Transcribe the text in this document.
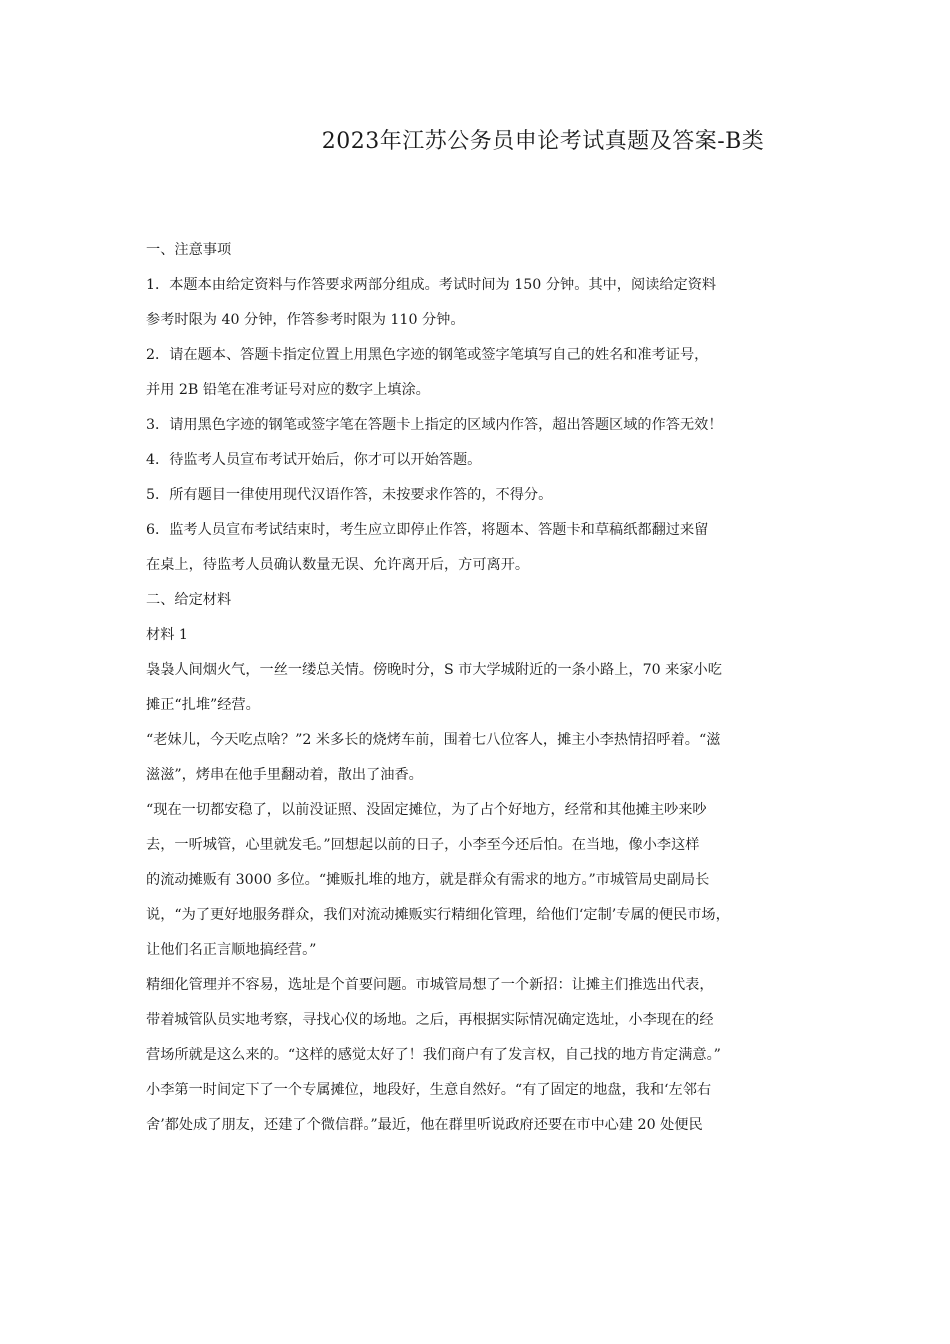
2023年江苏公务员申论考试真题及答案-B类
一、注意事项
1．本题本由给定资料与作答要求两部分组成。考试时间为 150 分钟。其中，阅读给定资料
参考时限为 40 分钟，作答参考时限为 110 分钟。
2．请在题本、答题卡指定位置上用黑色字迹的钢笔或签字笔填写自己的姓名和准考证号，
并用 2B 铅笔在准考证号对应的数字上填涂。
3．请用黑色字迹的钢笔或签字笔在答题卡上指定的区域内作答，超出答题区域的作答无效！
4．待监考人员宣布考试开始后，你才可以开始答题。
5．所有题目一律使用现代汉语作答，未按要求作答的，不得分。
6．监考人员宣布考试结束时，考生应立即停止作答，将题本、答题卡和草稿纸都翻过来留
在桌上，待监考人员确认数量无误、允许离开后，方可离开。
二、给定材料
材料 1
袅袅人间烟火气，一丝一缕总关情。傍晚时分，S 市大学城附近的一条小路上，70 来家小吃
摊正“扎堆”经营。
“老妹儿，今天吃点啥？”2 米多长的烧烤车前，围着七八位客人，摊主小李热情招呼着。“滋
滋滋”，烤串在他手里翻动着，散出了油香。
“现在一切都安稳了，以前没证照、没固定摊位，为了占个好地方，经常和其他摊主吵来吵
去，一听城管，心里就发毛。”回想起以前的日子，小李至今还后怕。在当地，像小李这样
的流动摊贩有 3000 多位。“摊贩扎堆的地方，就是群众有需求的地方。”市城管局史副局长
说，“为了更好地服务群众，我们对流动摊贩实行精细化管理，给他们‘定制’专属的便民市场，
让他们名正言顺地搞经营。”
精细化管理并不容易，选址是个首要问题。市城管局想了一个新招：让摊主们推选出代表，
带着城管队员实地考察，寻找心仪的场地。之后，再根据实际情况确定选址，小李现在的经
营场所就是这么来的。“这样的感觉太好了！我们商户有了发言权，自己找的地方肯定满意。”
小李第一时间定下了一个专属摊位，地段好，生意自然好。“有了固定的地盘，我和‘左邻右
舍’都处成了朋友，还建了个微信群。”最近，他在群里听说政府还要在市中心建 20 处便民
